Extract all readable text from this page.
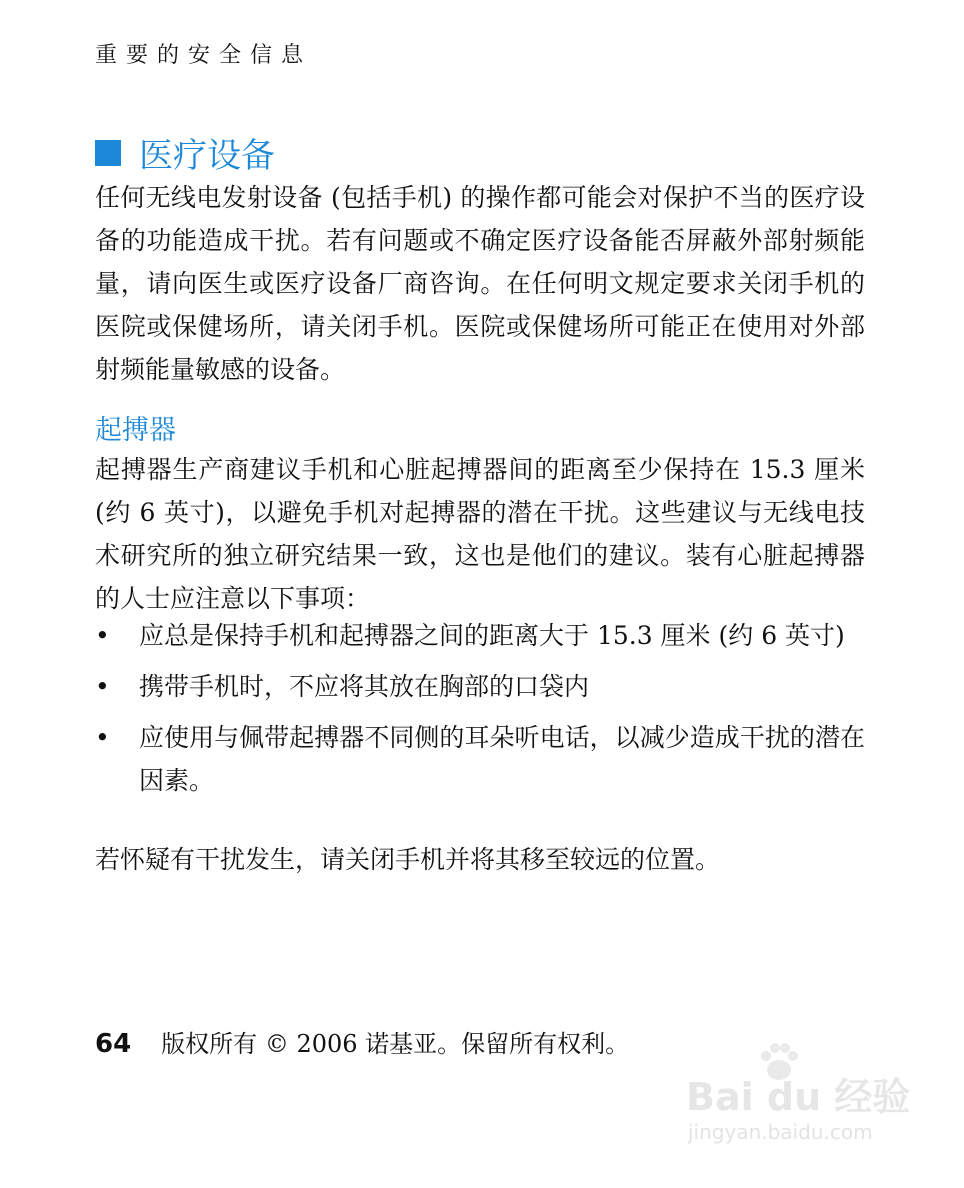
重要的安全信息
医疗设备
任何无线电发射设备 (包括手机) 的操作都可能会对保护不当的医疗设备的功能造成干扰。若有问题或不确定医疗设备能否屏蔽外部射频能量，请向医生或医疗设备厂商咨询。在任何明文规定要求关闭手机的医院或保健场所，请关闭手机。医院或保健场所可能正在使用对外部射频能量敏感的设备。
起搏器
起搏器生产商建议手机和心脏起搏器间的距离至少保持在 15.3 厘米 (约 6 英寸)，以避免手机对起搏器的潜在干扰。这些建议与无线电技术研究所的独立研究结果一致，这也是他们的建议。装有心脏起搏器的人士应注意以下事项：
•	应总是保持手机和起搏器之间的距离大于 15.3 厘米 (约 6 英寸)
•	携带手机时，不应将其放在胸部的口袋内
•	应使用与佩带起搏器不同侧的耳朵听电话，以减少造成干扰的潜在因素。
若怀疑有干扰发生，请关闭手机并将其移至较远的位置。
64 版权所有 © 2006 诺基亚。保留所有权利。
Bai du 经验
jingyan.baidu.com
